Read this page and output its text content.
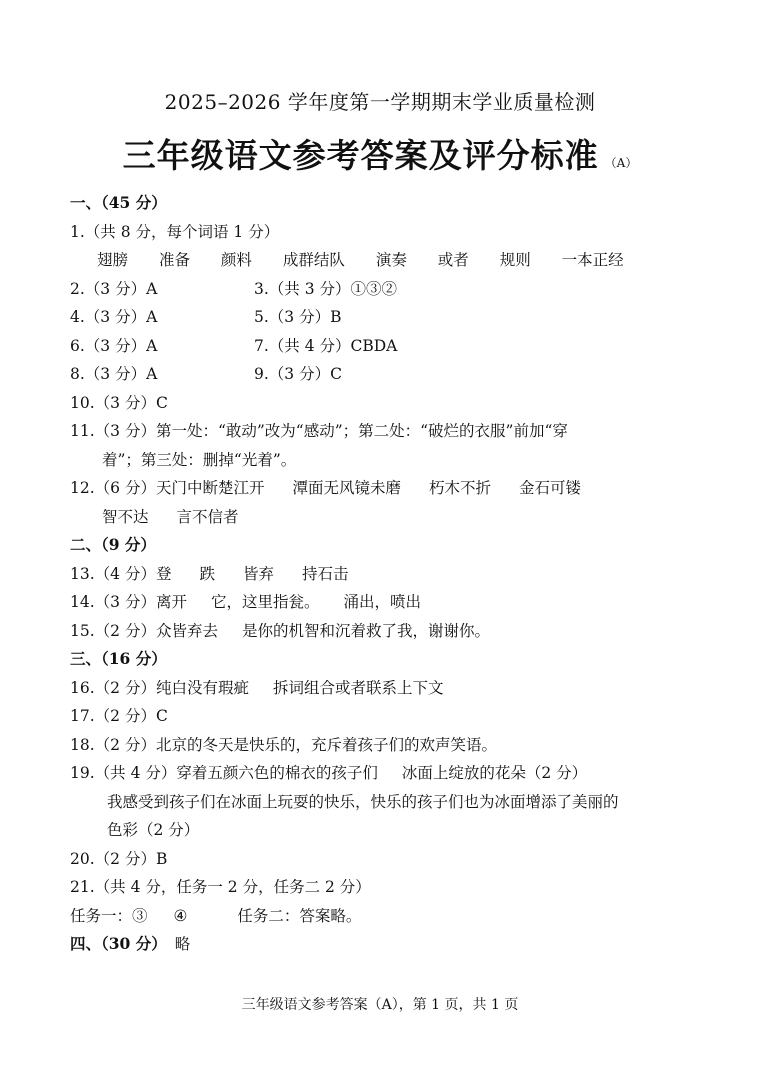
2025–2026 学年度第一学期期末学业质量检测
三年级语文参考答案及评分标准 （A）
一、（45 分）
1.（共 8 分，每个词语 1 分）
翅膀 准备 颜料 成群结队 演奏 或者 规则 一本正经
2.（3 分）A	3.（共 3 分）①③②
4.（3 分）A	5.（3 分）B
6.（3 分）A	7.（共 4 分）CBDA
8.（3 分）A	9.（3 分）C
10.（3 分）C
11.（3 分）第一处：“敢动”改为“感动”；第二处：“破烂的衣服”前加“穿
着”；第三处：删掉“光着”。
12.（6 分）天门中断楚江开 潭面无风镜未磨 朽木不折 金石可镂
智不达 言不信者
二、（9 分）
13.（4 分）登 跌 皆弃 持石击
14.（3 分）离开 它，这里指瓮。 涌出，喷出
15.（2 分）众皆弃去 是你的机智和沉着救了我，谢谢你。
三、（16 分）
16.（2 分）纯白没有瑕疵 拆词组合或者联系上下文
17.（2 分）C
18.（2 分）北京的冬天是快乐的，充斥着孩子们的欢声笑语。
19.（共 4 分）穿着五颜六色的棉衣的孩子们 冰面上绽放的花朵（2 分）
我感受到孩子们在冰面上玩耍的快乐，快乐的孩子们也为冰面增添了美丽的
色彩（2 分）
20.（2 分）B
21.（共 4 分，任务一 2 分，任务二 2 分）
任务一：③ ④	任务二：答案略。
四、（30 分） 略
三年级语文参考答案（A），第 1 页，共 1 页
